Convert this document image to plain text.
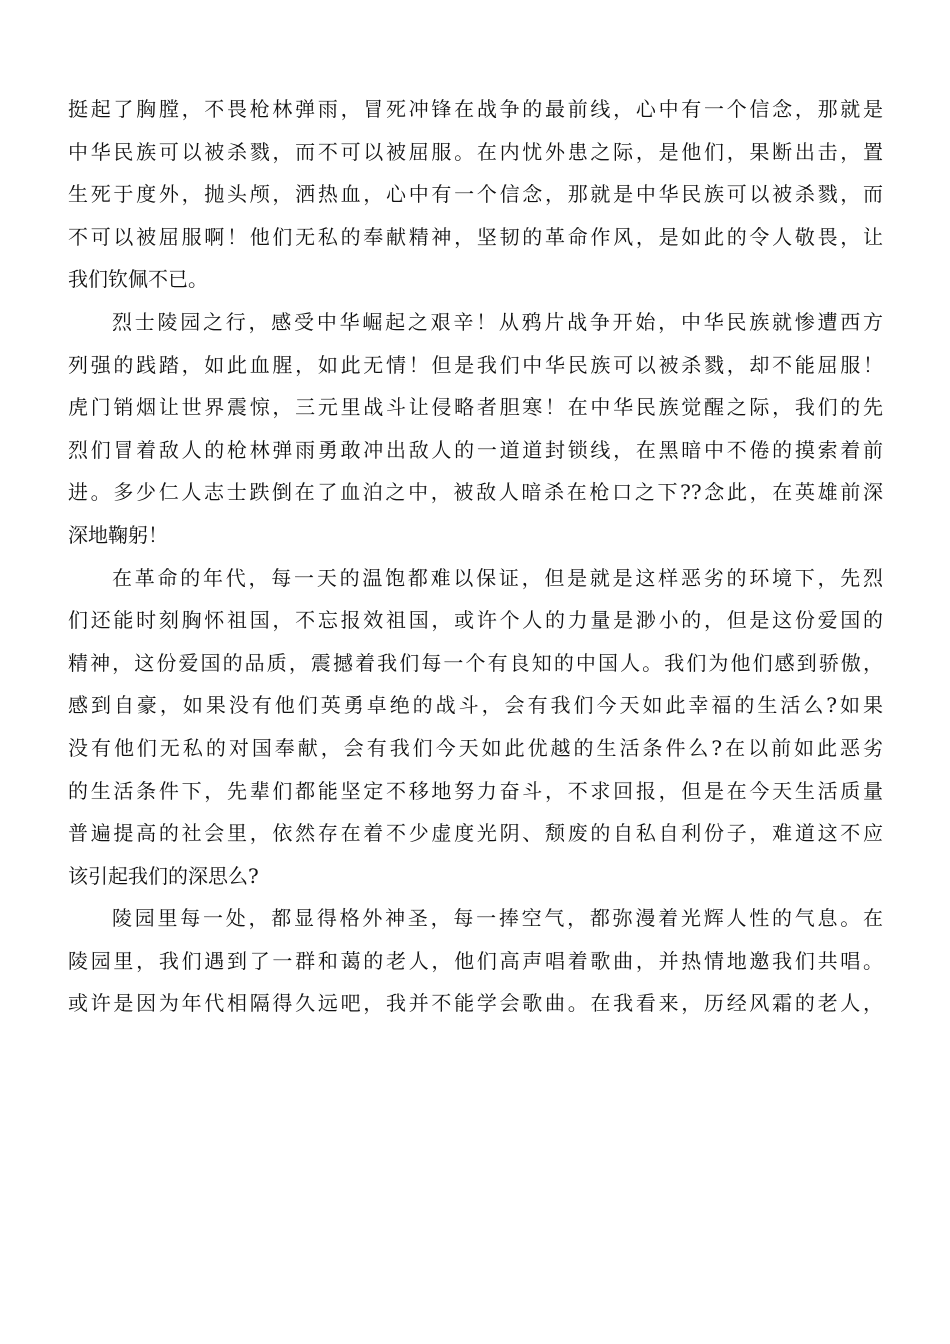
挺起了胸膛，不畏枪林弹雨，冒死冲锋在战争的最前线，心中有一个信念，那就是
中华民族可以被杀戮，而不可以被屈服。在内忧外患之际，是他们，果断出击，置
生死于度外，抛头颅，洒热血，心中有一个信念，那就是中华民族可以被杀戮，而
不可以被屈服啊！他们无私的奉献精神，坚韧的革命作风，是如此的令人敬畏，让
我们钦佩不已。
烈士陵园之行，感受中华崛起之艰辛！从鸦片战争开始，中华民族就惨遭西方
列强的践踏，如此血腥，如此无情！但是我们中华民族可以被杀戮，却不能屈服！
虎门销烟让世界震惊，三元里战斗让侵略者胆寒！在中华民族觉醒之际，我们的先
烈们冒着敌人的枪林弹雨勇敢冲出敌人的一道道封锁线，在黑暗中不倦的摸索着前
进。多少仁人志士跌倒在了血泊之中，被敌人暗杀在枪口之下??念此，在英雄前深
深地鞠躬！
在革命的年代，每一天的温饱都难以保证，但是就是这样恶劣的环境下，先烈
们还能时刻胸怀祖国，不忘报效祖国，或许个人的力量是渺小的，但是这份爱国的
精神，这份爱国的品质，震撼着我们每一个有良知的中国人。我们为他们感到骄傲，
感到自豪，如果没有他们英勇卓绝的战斗，会有我们今天如此幸福的生活么?如果
没有他们无私的对国奉献，会有我们今天如此优越的生活条件么?在以前如此恶劣
的生活条件下，先辈们都能坚定不移地努力奋斗，不求回报，但是在今天生活质量
普遍提高的社会里，依然存在着不少虚度光阴、颓废的自私自利份子，难道这不应
该引起我们的深思么?
陵园里每一处，都显得格外神圣，每一捧空气，都弥漫着光辉人性的气息。在
陵园里，我们遇到了一群和蔼的老人，他们高声唱着歌曲，并热情地邀我们共唱。
或许是因为年代相隔得久远吧，我并不能学会歌曲。在我看来，历经风霜的老人，
